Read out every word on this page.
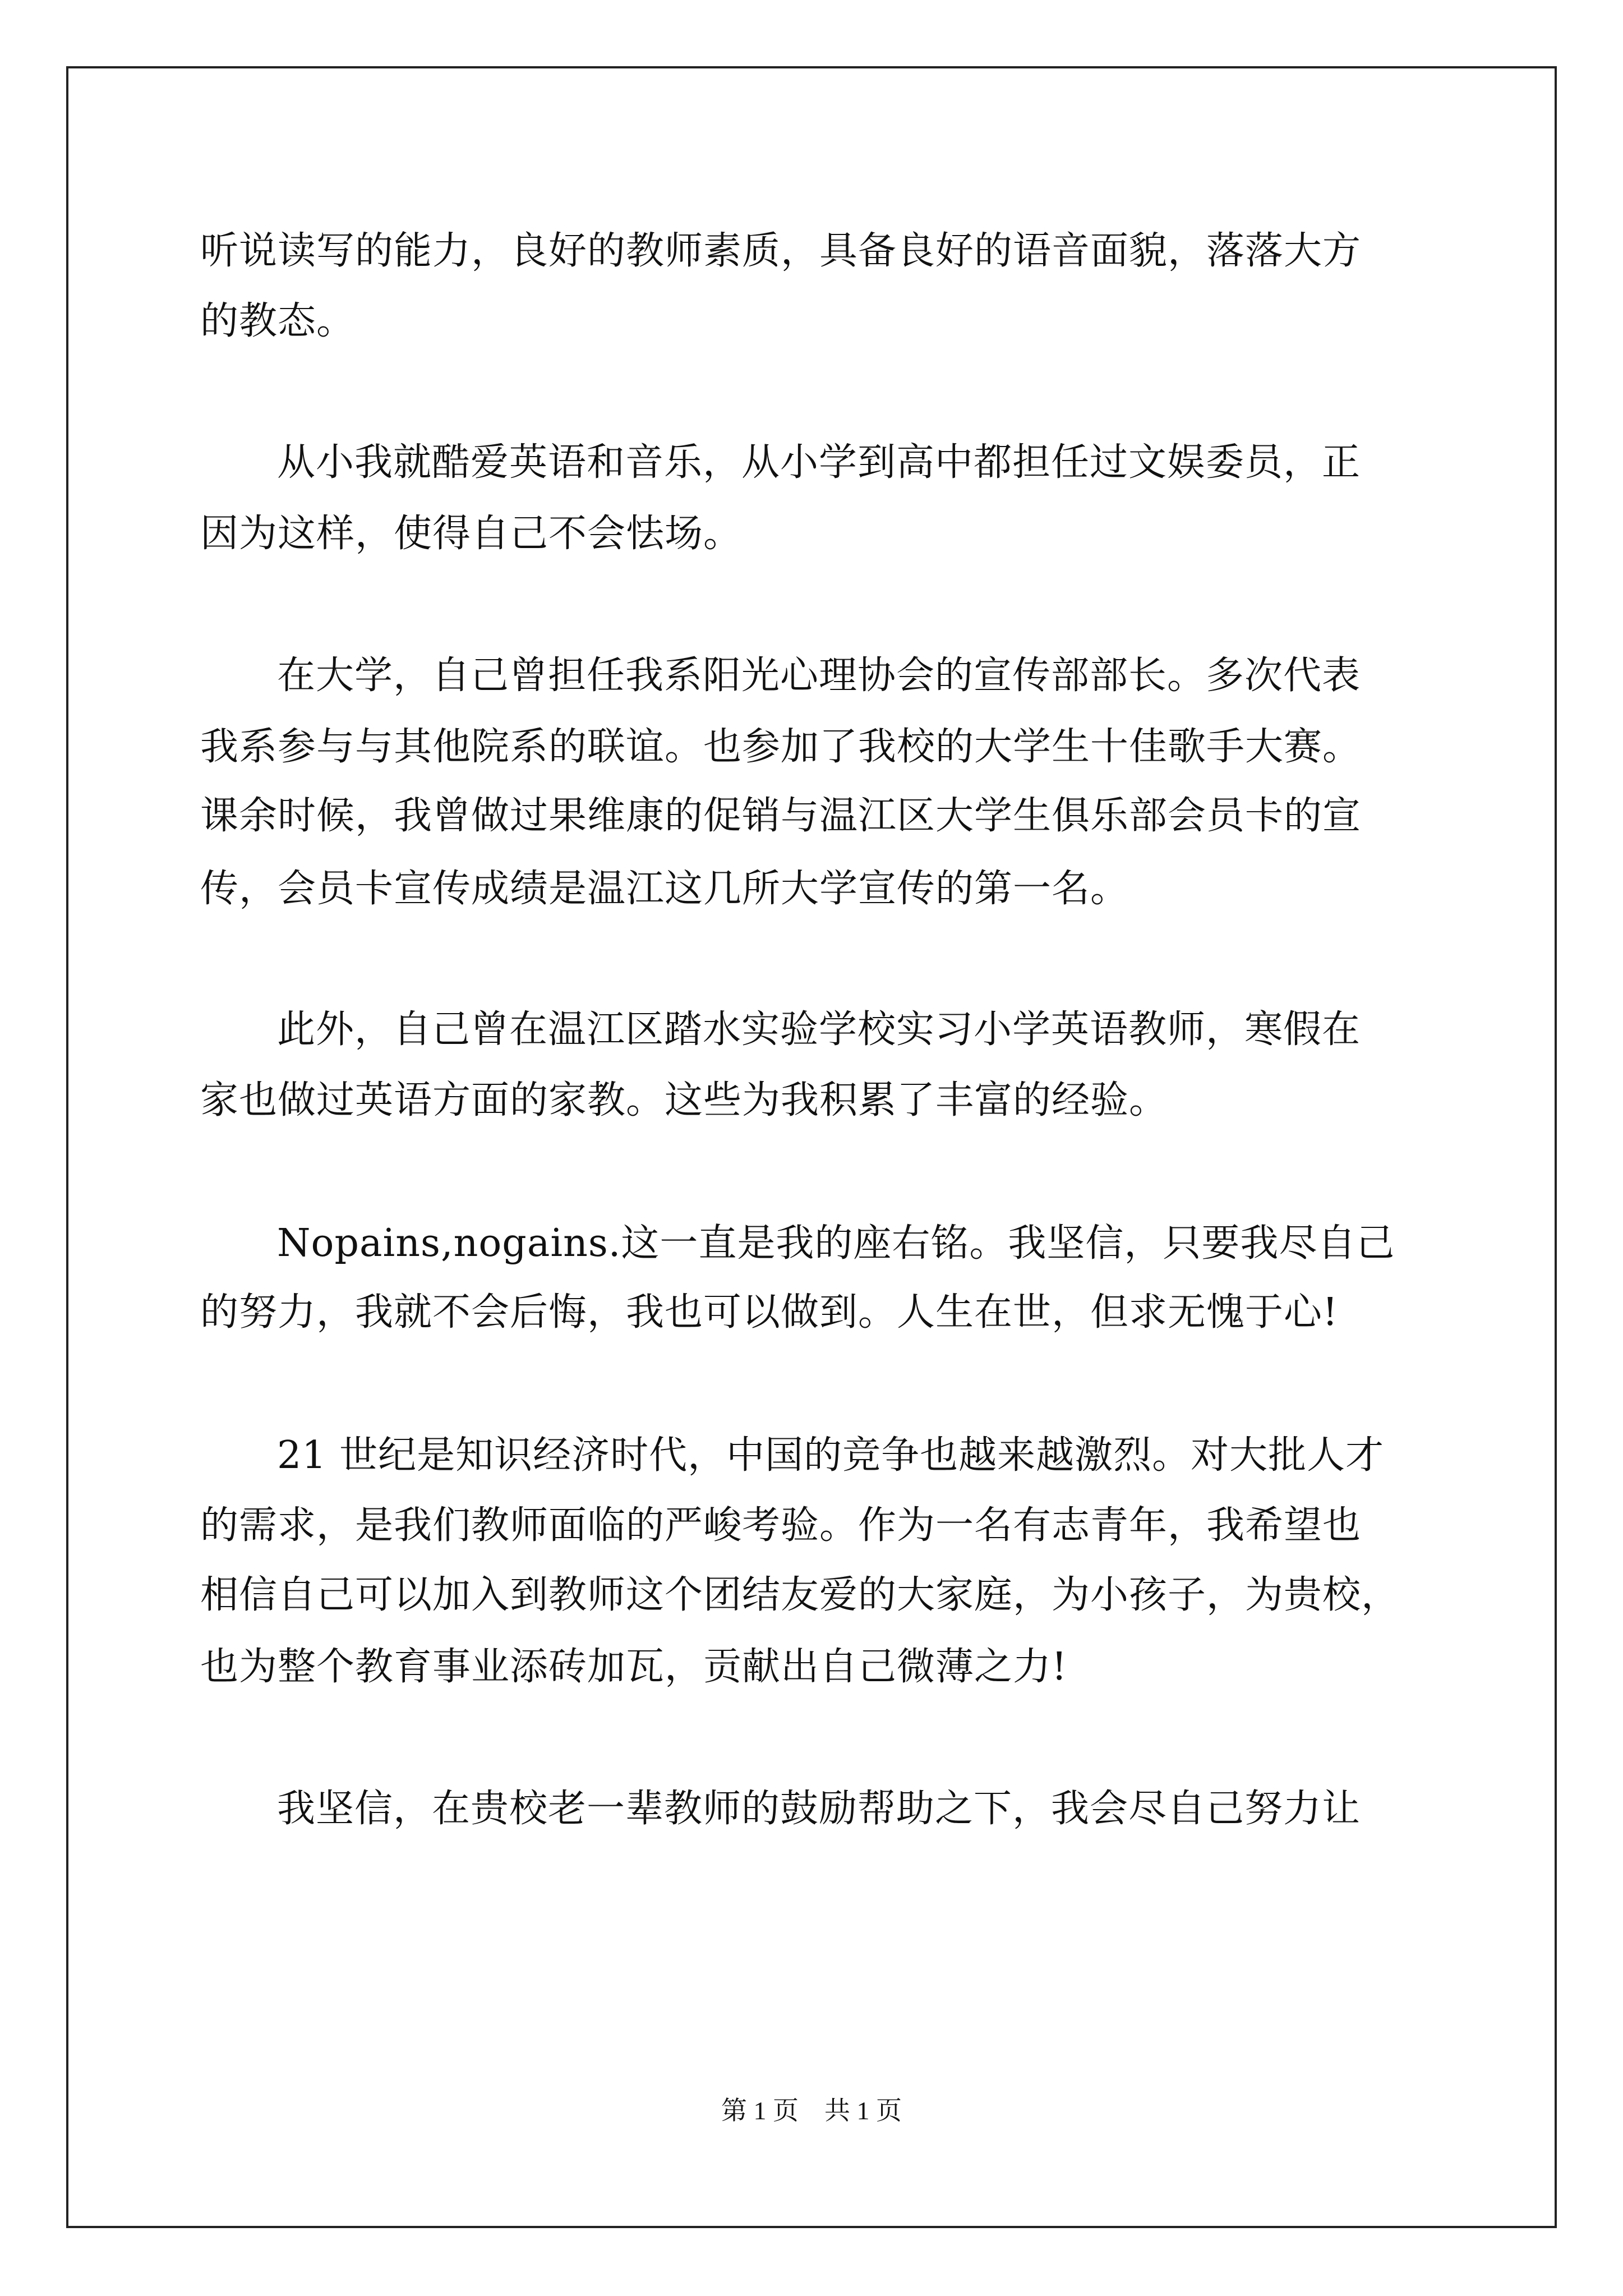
听说读写的能力，良好的教师素质，具备良好的语音面貌，落落大方
的教态。
从小我就酷爱英语和音乐，从小学到高中都担任过文娱委员，正
因为这样，使得自己不会怯场。
在大学，自己曾担任我系阳光心理协会的宣传部部长。多次代表
我系参与与其他院系的联谊。也参加了我校的大学生十佳歌手大赛。
课余时候，我曾做过果维康的促销与温江区大学生俱乐部会员卡的宣
传，会员卡宣传成绩是温江这几所大学宣传的第一名。
此外，自己曾在温江区踏水实验学校实习小学英语教师，寒假在
家也做过英语方面的家教。这些为我积累了丰富的经验。
Nopains,nogains.这一直是我的座右铭。我坚信，只要我尽自己
的努力，我就不会后悔，我也可以做到。人生在世，但求无愧于心!
21 世纪是知识经济时代，中国的竞争也越来越激烈。对大批人才
的需求，是我们教师面临的严峻考验。作为一名有志青年，我希望也
相信自己可以加入到教师这个团结友爱的大家庭，为小孩子，为贵校，
也为整个教育事业添砖加瓦，贡献出自己微薄之力!
我坚信，在贵校老一辈教师的鼓励帮助之下，我会尽自己努力让
第 1 页 共 1 页
